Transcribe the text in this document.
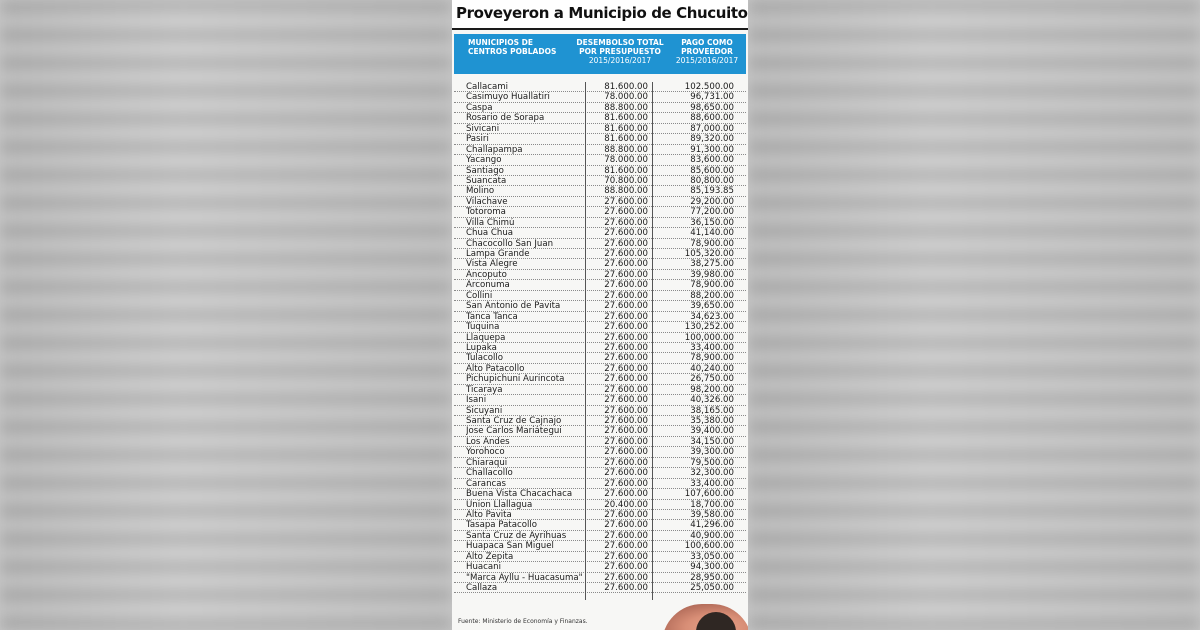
Proveyeron a Municipio de Chucuito
MUNICIPIOS DE CENTROS POBLADOS
DESEMBOLSO TOTAL POR PRESUPUESTO
2015/2016/2017
PAGO COMO PROVEEDOR
2015/2016/2017
Callacami	81.600.00	102.500.00
Casimuyo Huallatiri	78.000.00	96,731.00
Caspa	88.800.00	98,650.00
Rosario de Sorapa	81.600.00	88,600.00
Sivicani	81.600.00	87,000.00
Pasiri	81.600.00	89,320.00
Challapampa	88.800.00	91,300.00
Yacango	78.000.00	83,600.00
Santiago	81.600.00	85,600.00
Suancata	70.800.00	80,800.00
Molino	88.800.00	85,193.85
Vilachave	27.600.00	29,200.00
Totoroma	27.600.00	77,200.00
Villa Chimú	27.600.00	36,150.00
Chua Chua	27.600.00	41,140.00
Chacocollo San Juan	27.600.00	78,900.00
Lampa Grande	27.600.00	105,320.00
Vista Alegre	27.600.00	38,275.00
Ancoputo	27.600.00	39,980.00
Arconuma	27.600.00	78,900.00
Collini	27.600.00	88,200.00
San Antonio de Pavita	27.600.00	39,650.00
Tanca Tanca	27.600.00	34,623.00
Tuquina	27.600.00	130,252.00
Llaquepa	27.600.00	100,000.00
Lupaka	27.600.00	33,400.00
Tulacollo	27.600.00	78,900.00
Alto Patacollo	27.600.00	40,240.00
Pichupichuni Aurincota	27.600.00	26,750.00
Ticaraya	27.600.00	98,200.00
Isani	27.600.00	40,326.00
Sicuyani	27.600.00	38,165.00
Santa Cruz de Cajnajo	27.600.00	35,380.00
Jose Carlos Mariátegui	27.600.00	39,400.00
Los Andes	27.600.00	34,150.00
Yorohoco	27.600.00	39,300.00
Chiaraqui	27.600.00	79,500.00
Challacollo	27.600.00	32,300.00
Carancas	27.600.00	33,400.00
Buena Vista Chacachaca	27.600.00	107,600.00
Union Llallagua	20.400.00	18,700.00
Alto Pavita	27.600.00	39,580.00
Tasapa Patacollo	27.600.00	41,296.00
Santa Cruz de Ayrihuas	27.600.00	40,900.00
Huapaca San Miguel	27.600.00	100,600.00
Alto Zepita	27.600.00	33,050.00
Huacani	27.600.00	94,300.00
"Marca Ayllu - Huacasuma"	27.600.00	28,950.00
Callaza	27.600.00	25,050.00
Fuente: Ministerio de Economía y Finanzas.
